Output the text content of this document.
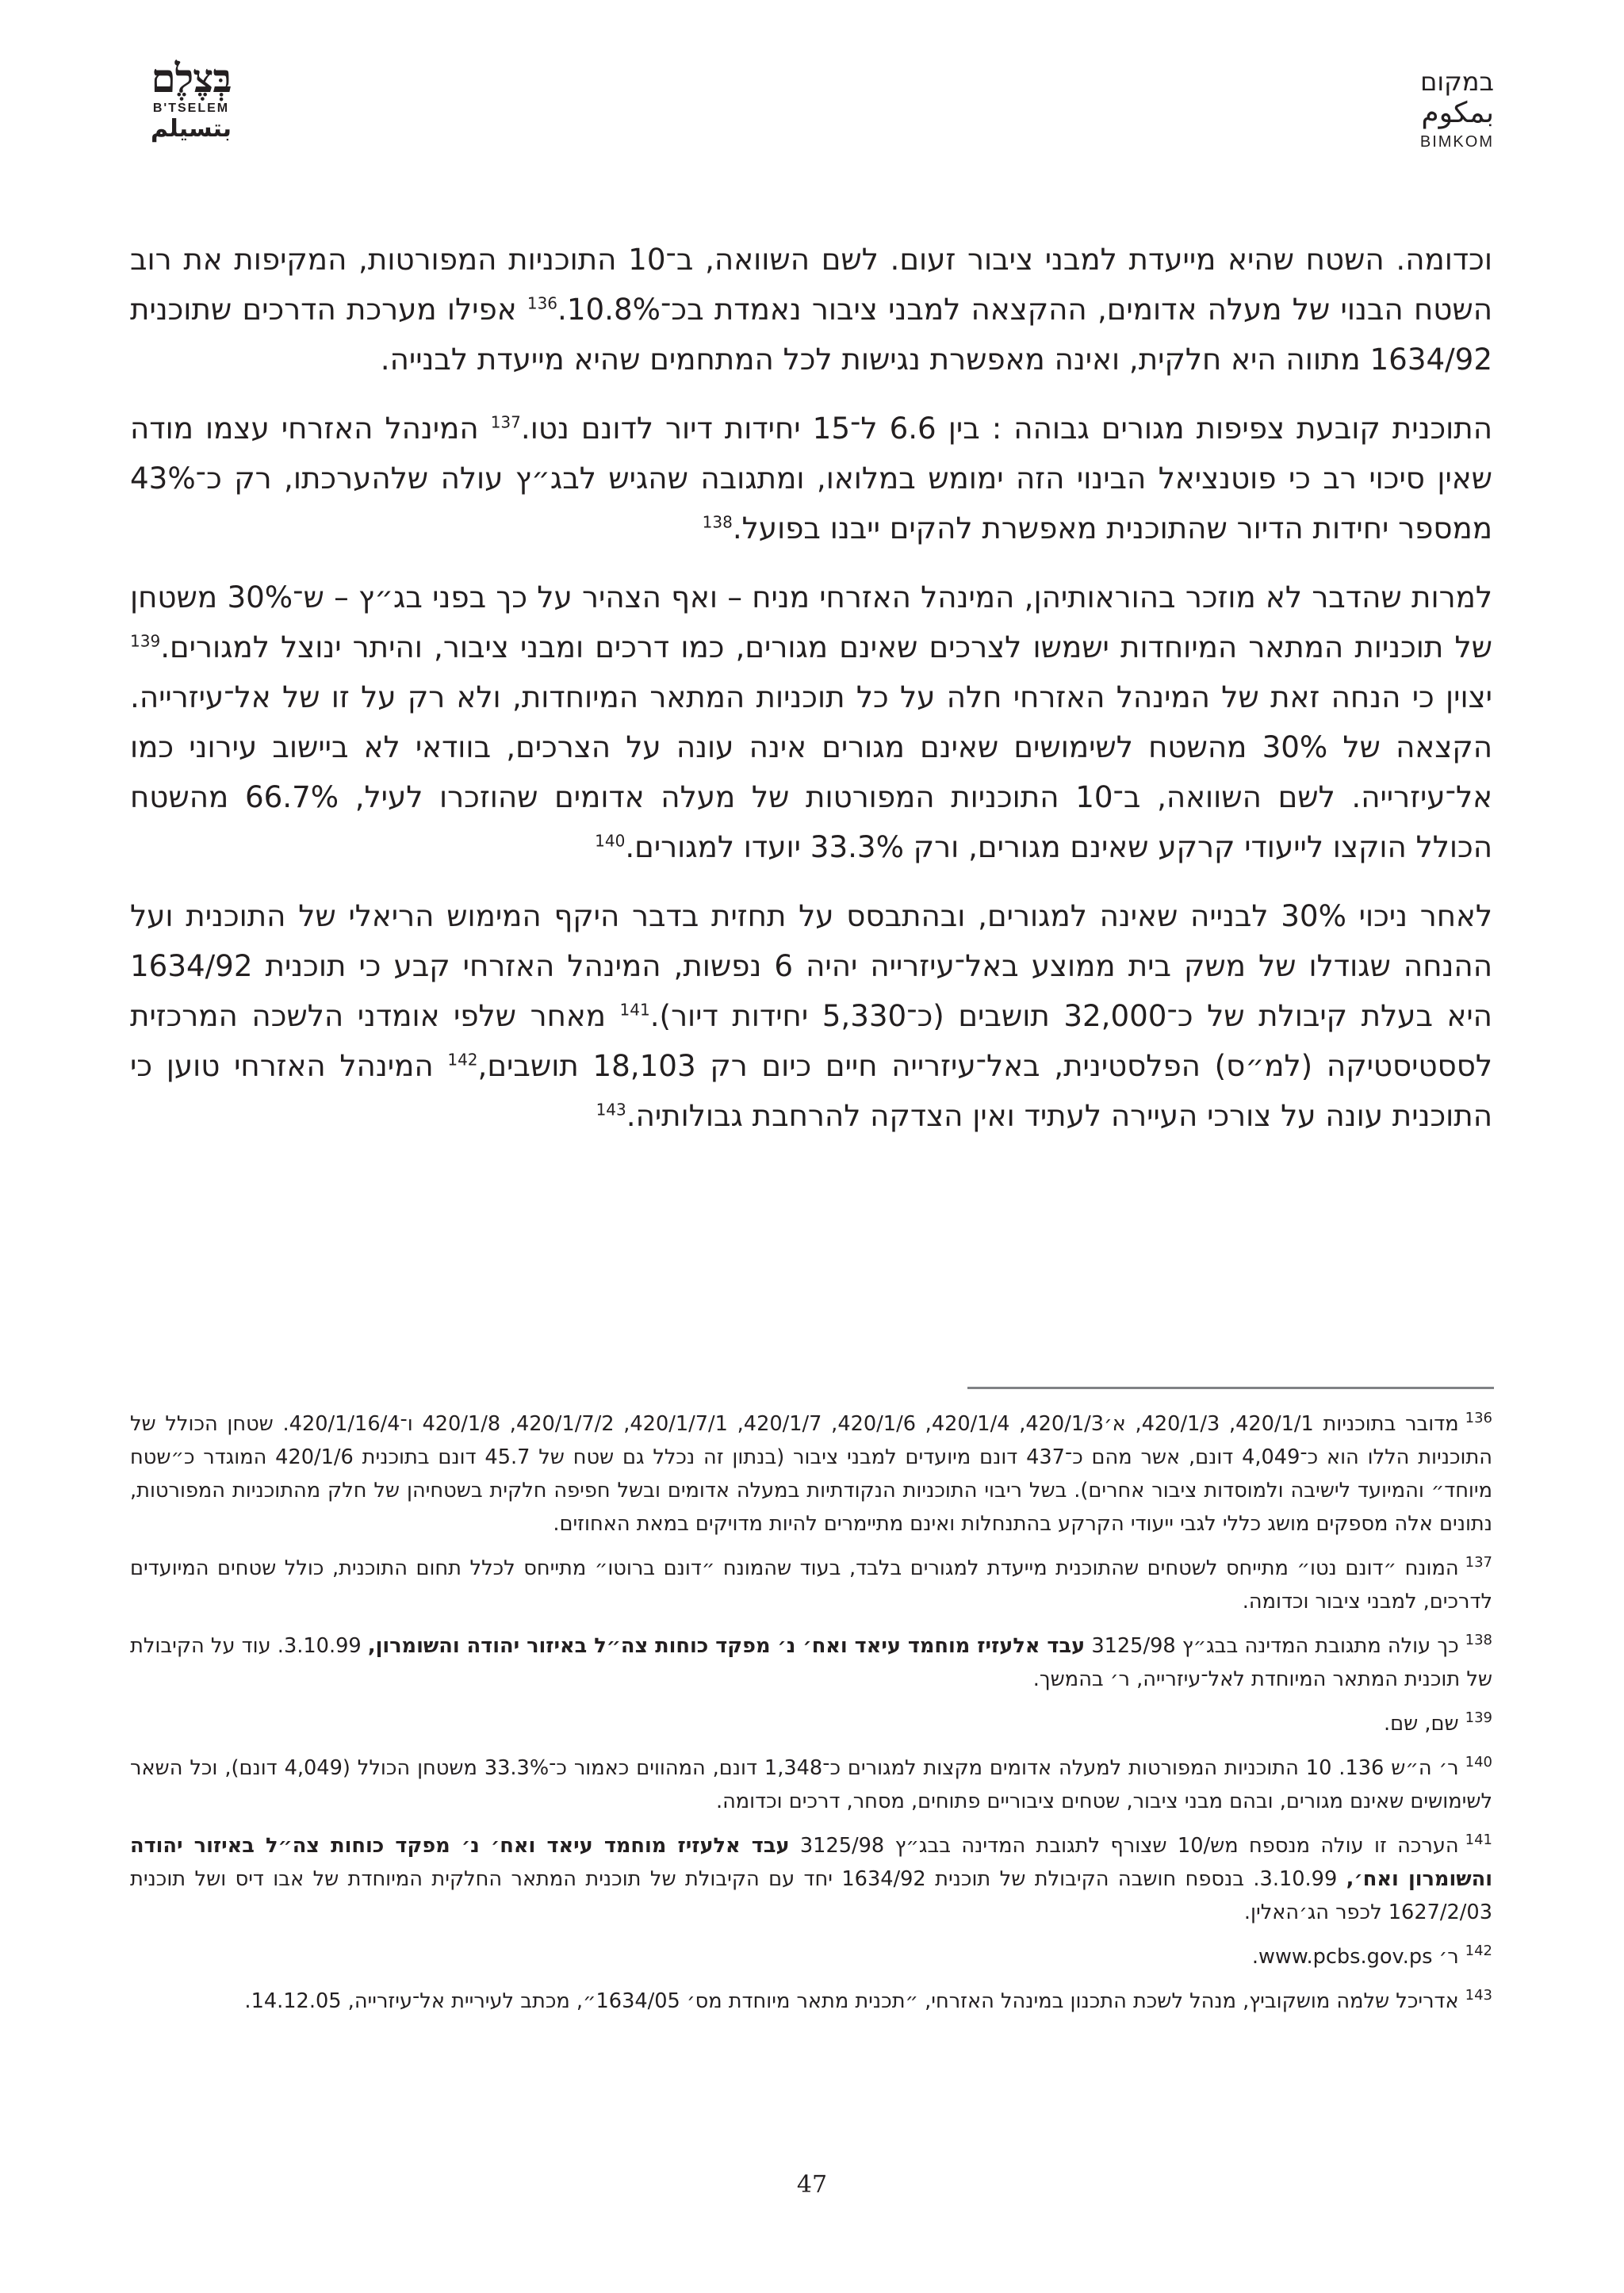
בְּצֶלֶם
B'TSELEM
بتسيلم
במקום
بمكوم
BIMKOM

וכדומה. השטח שהיא מייעדת למבני ציבור זעום. לשם השוואה, ב־10 התוכניות המפורטות, המקיפות את רוב השטח הבנוי של מעלה אדומים, ההקצאה למבני ציבור נאמדת בכ־10.8%.$^{136}$ אפילו מערכת הדרכים שתוכנית 1634/92 מתווה היא חלקית, ואינה מאפשרת נגישות לכל המתחמים שהיא מייעדת לבנייה.

התוכנית קובעת צפיפות מגורים גבוהה : בין 6.6 ל־15 יחידות דיור לדונם נטו.$^{137}$ המינהל האזרחי עצמו מודה שאין סיכוי רב כי פוטנציאל הבינוי הזה ימומש במלואו, ומתגובה שהגיש לבג״ץ עולה שלהערכתו, רק כ־43% ממספר יחידות הדיור שהתוכנית מאפשרת להקים ייבנו בפועל.$^{138}$

למרות שהדבר לא מוזכר בהוראותיהן, המינהל האזרחי מניח – ואף הצהיר על כך בפני בג״ץ – ש־30% משטחן של תוכניות המתאר המיוחדות ישמשו לצרכים שאינם מגורים, כמו דרכים ומבני ציבור, והיתר ינוצל למגורים.$^{139}$ יצוין כי הנחה זאת של המינהל האזרחי חלה על כל תוכניות המתאר המיוחדות, ולא רק על זו של אל־עיזרייה. הקצאה של 30% מהשטח לשימושים שאינם מגורים אינה עונה על הצרכים, בוודאי לא ביישוב עירוני כמו אל־עיזרייה. לשם השוואה, ב־10 התוכניות המפורטות של מעלה אדומים שהוזכרו לעיל, 66.7% מהשטח הכולל הוקצו לייעודי קרקע שאינם מגורים, ורק 33.3% יועדו למגורים.$^{140}$

לאחר ניכוי 30% לבנייה שאינה למגורים, ובהתבסס על תחזית בדבר היקף המימוש הריאלי של התוכנית ועל ההנחה שגודלו של משק בית ממוצע באל־עיזרייה יהיה 6 נפשות, המינהל האזרחי קבע כי תוכנית 1634/92 היא בעלת קיבולת של כ־32,000 תושבים (כ־5,330 יחידות דיור).$^{141}$ מאחר שלפי אומדני הלשכה המרכזית לססטיסטיקה (למ״ס) הפלסטינית, באל־עיזרייה חיים כיום רק 18,103 תושבים,$^{142}$ המינהל האזרחי טוען כי התוכנית עונה על צורכי העיירה לעתיד ואין הצדקה להרחבת גבולותיה.$^{143}$

$^{136}$מדובר בתוכניות 420/1/1, 420/1/3, א׳420/1/3, 420/1/4, 420/1/6, 420/1/7, 420/1/7/1, 420/1/7/2, 420/1/8 ו־420/1/16/4. שטחן הכולל של התוכניות הללו הוא כ־4,049 דונם, אשר מהם כ־437 דונם מיועדים למבני ציבור (בנתון זה נכלל גם שטח של 45.7 דונם בתוכנית 420/1/6 המוגדר כ״שטח מיוחד״ והמיועד לישיבה ולמוסדות ציבור אחרים). בשל ריבוי התוכניות הנקודתיות במעלה אדומים ובשל חפיפה חלקית בשטחיהן של חלק מהתוכניות המפורטות, נתונים אלה מספקים מושג כללי לגבי ייעודי הקרקע בהתנחלות ואינם מתיימרים להיות מדויקים במאת האחוזים.
$^{137}$המונח ״דונם נטו״ מתייחס לשטחים שהתוכנית מייעדת למגורים בלבד, בעוד שהמונח ״דונם ברוטו״ מתייחס לכלל תחום התוכנית, כולל שטחים המיועדים לדרכים, למבני ציבור וכדומה.
$^{138}$כך עולה מתגובת המדינה בבג״ץ 3125/98 עבד אלעזיז מוחמד עיאד ואח׳ נ׳ מפקד כוחות צה״ל באיזור יהודה והשומרון, 3.10.99. עוד על הקיבולת של תוכנית המתאר המיוחדת לאל־עיזרייה, ר׳ בהמשך.
$^{139}$שם, שם.
$^{140}$ר׳ ה״ש 136. 10 התוכניות המפורטות למעלה אדומים מקצות למגורים כ־1,348 דונם, המהווים כאמור כ־33.3% משטחן הכולל (4,049 דונם), וכל השאר לשימושים שאינם מגורים, ובהם מבני ציבור, שטחים ציבוריים פתוחים, מסחר, דרכים וכדומה.
$^{141}$הערכה זו עולה מנספח מש/10 שצורף לתגובת המדינה בבג״ץ 3125/98 עבד אלעזיז מוחמד עיאד ואח׳ נ׳ מפקד כוחות צה״ל באיזור יהודה והשומרון ואח׳, 3.10.99. בנספח חושבה הקיבולת של תוכנית 1634/92 יחד עם הקיבולת של תוכנית המתאר החלקית המיוחדת של אבו דיס ושל תוכנית 1627/2/03 לכפר הג׳האלין.
$^{142}$ר׳ www.pcbs.gov.ps.
$^{143}$אדריכל שלמה מושקוביץ, מנהל לשכת התכנון במינהל האזרחי, ״תכנית מתאר מיוחדת מס׳ 1634/05״, מכתב לעיריית אל־עיזרייה, 14.12.05.
47
